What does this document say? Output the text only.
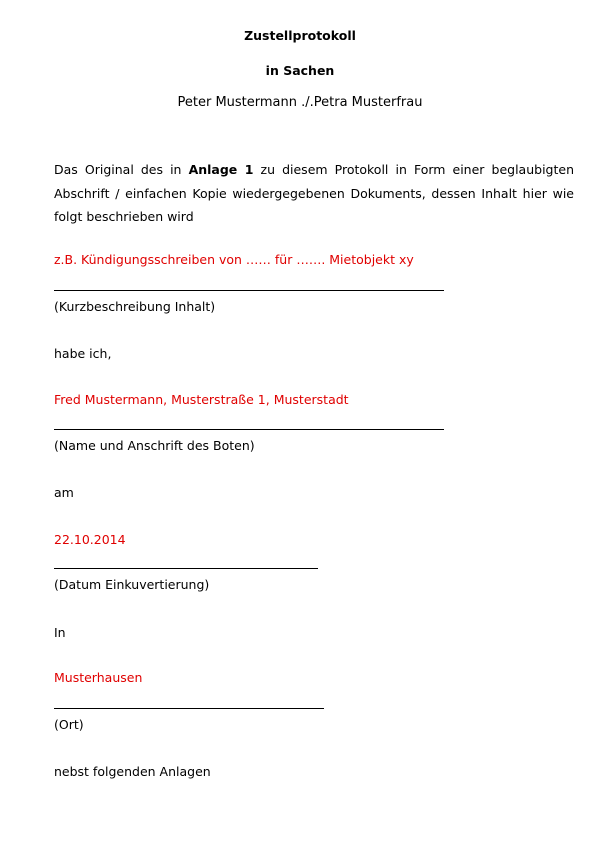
Zustellprotokoll
in Sachen
Peter Mustermann ./.Petra Musterfrau
Das Original des in Anlage 1 zu diesem Protokoll in Form einer beglaubigten Abschrift / einfachen Kopie wiedergegebenen Dokuments, dessen Inhalt hier wie folgt beschrieben wird
z.B. Kündigungsschreiben von …… für ……. Mietobjekt xy
(Kurzbeschreibung Inhalt)
habe ich,
Fred Mustermann, Musterstraße 1, Musterstadt
(Name und Anschrift des Boten)
am
22.10.2014
(Datum Einkuvertierung)
In
Musterhausen
(Ort)
nebst folgenden Anlagen
